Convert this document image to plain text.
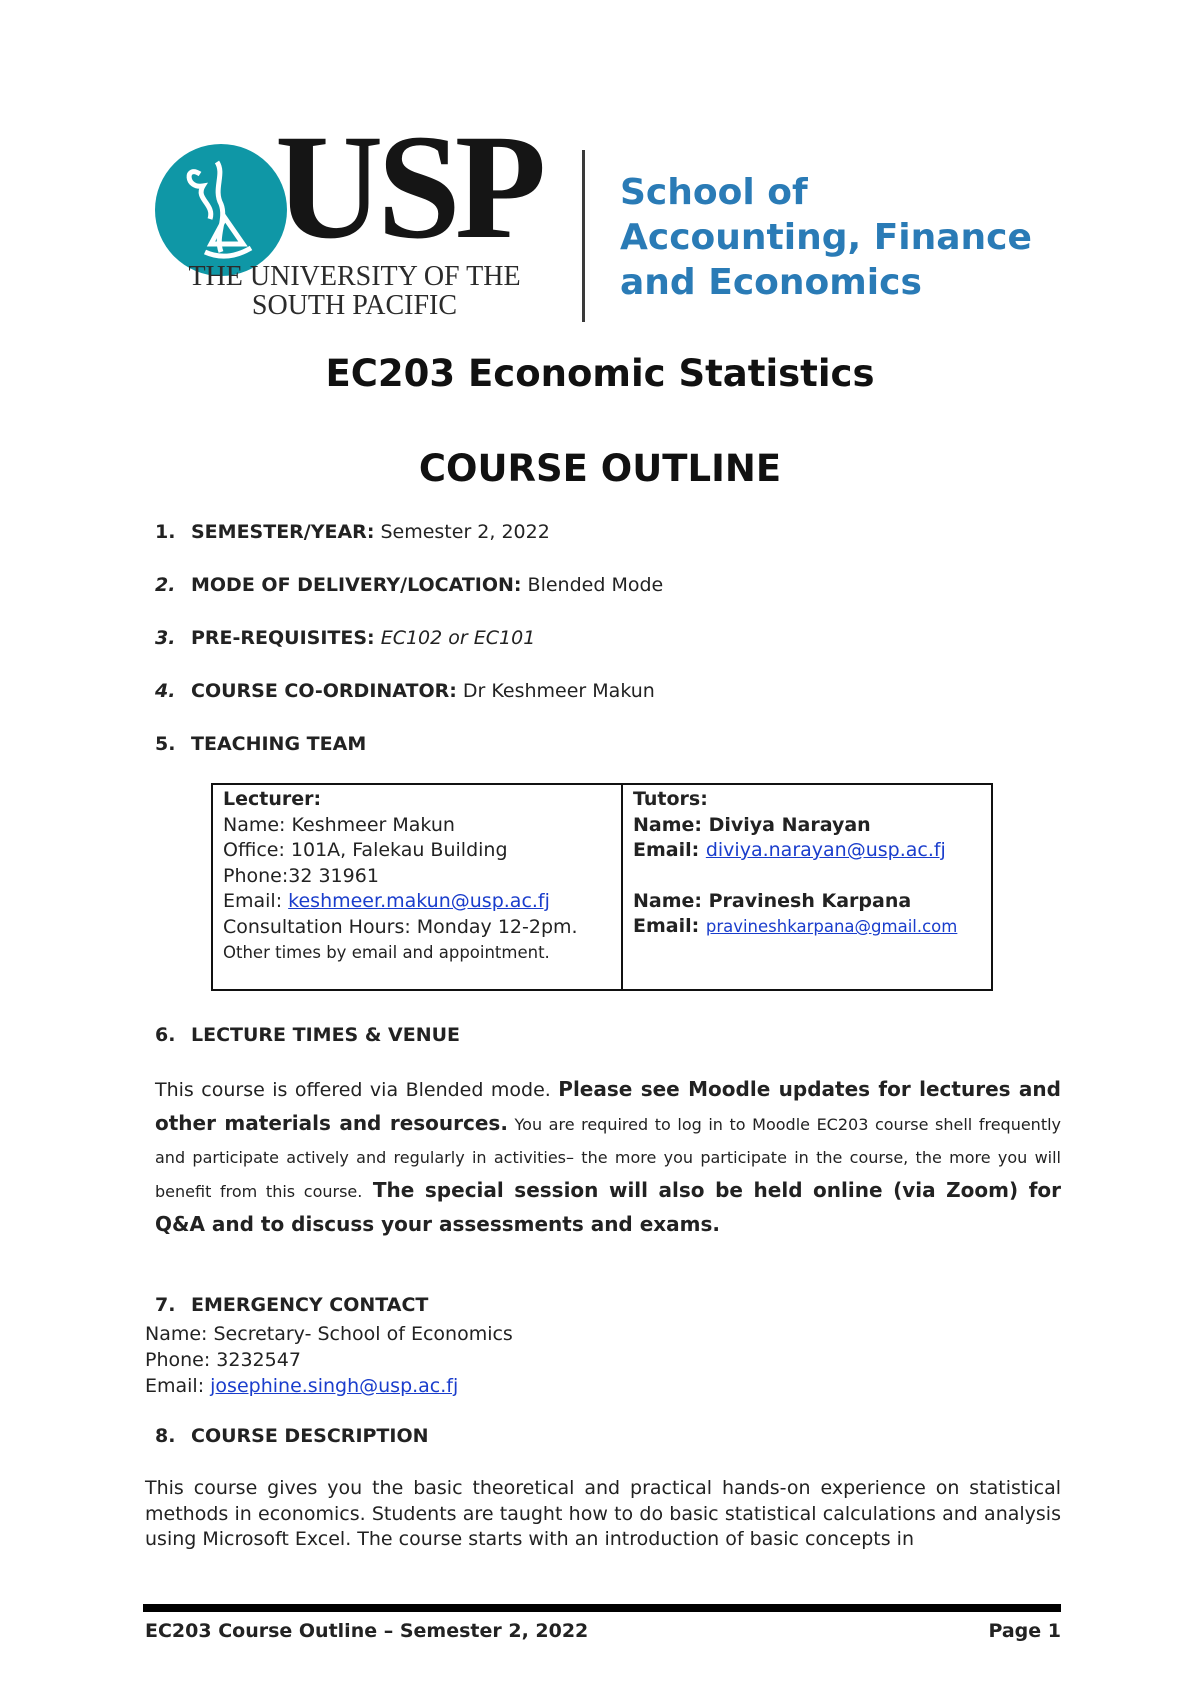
USP
THE UNIVERSITY OF THE
SOUTH PACIFIC
School of
Accounting, Finance
and Economics
EC203 Economic Statistics
COURSE OUTLINE
1. SEMESTER/YEAR: Semester 2, 2022
2. MODE OF DELIVERY/LOCATION: Blended Mode
3. PRE-REQUISITES: EC102 or EC101
4. COURSE CO-ORDINATOR: Dr Keshmeer Makun
5. TEACHING TEAM
Lecturer:
Name: Keshmeer Makun
Office: 101A, Falekau Building
Phone:32 31961
Email: keshmeer.makun@usp.ac.fj
Consultation Hours: Monday 12-2pm.
Other times by email and appointment.
Tutors:
Name: Diviya Narayan
Email: diviya.narayan@usp.ac.fj
Name: Pravinesh Karpana
Email: pravineshkarpana@gmail.com
6. LECTURE TIMES & VENUE
This course is offered via Blended mode. Please see Moodle updates for lectures and other materials and resources. You are required to log in to Moodle EC203 course shell frequently and participate actively and regularly in activities– the more you participate in the course, the more you will benefit from this course. The special session will also be held online (via Zoom) for Q&A and to discuss your assessments and exams.
7. EMERGENCY CONTACT
Name: Secretary- School of Economics
Phone: 3232547
Email: josephine.singh@usp.ac.fj
8. COURSE DESCRIPTION
This course gives you the basic theoretical and practical hands-on experience on statistical methods in economics. Students are taught how to do basic statistical calculations and analysis using Microsoft Excel. The course starts with an introduction of basic concepts in
EC203 Course Outline – Semester 2, 2022	Page 1
